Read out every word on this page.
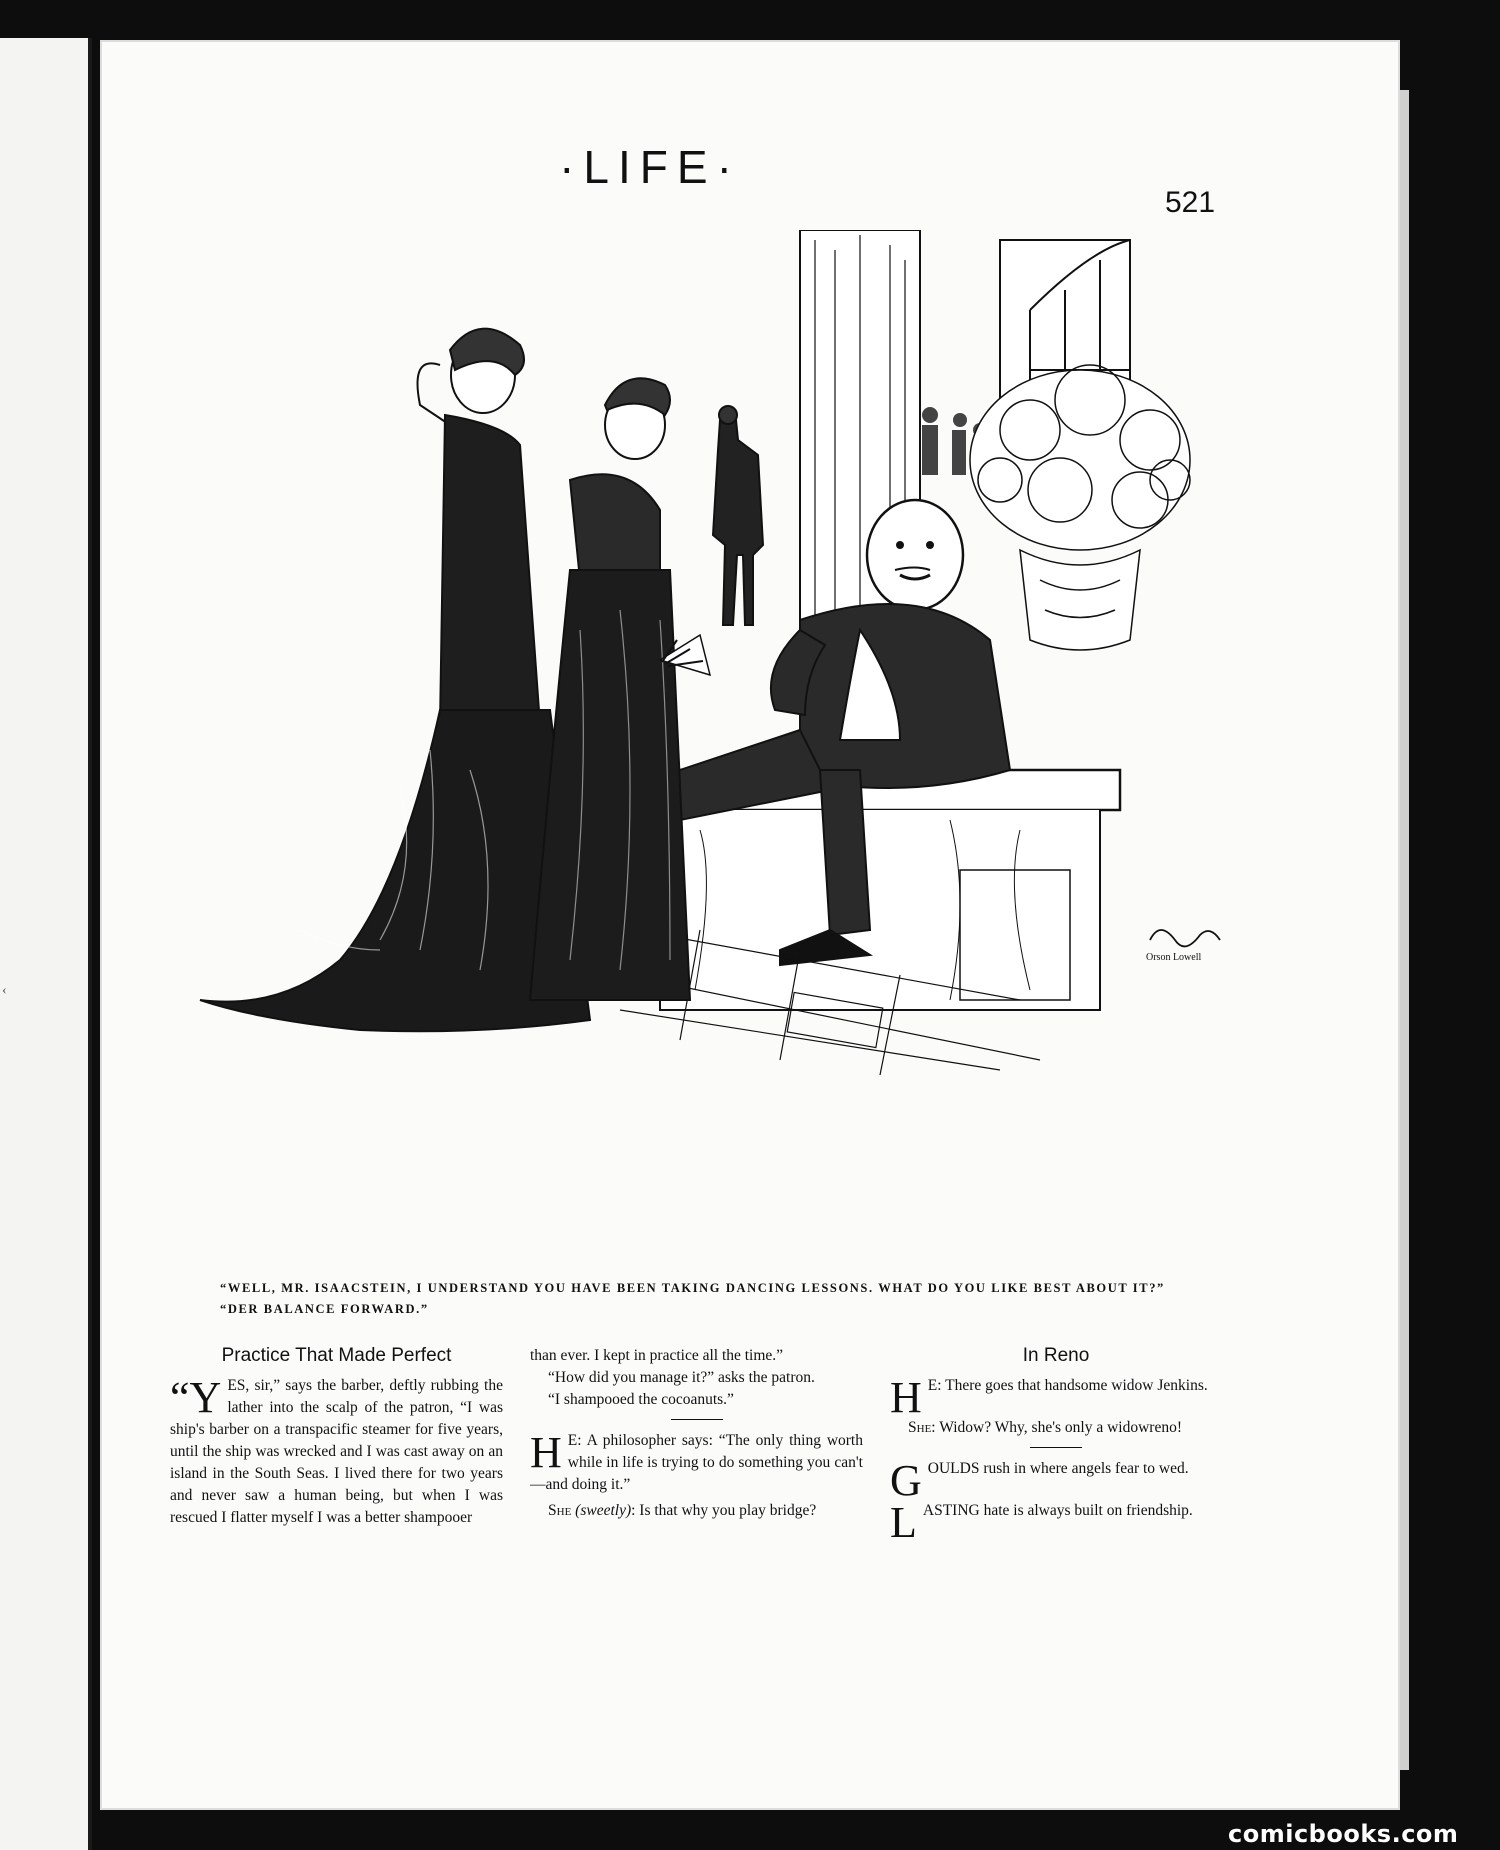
‹
·LIFE·
521
Orson Lowell
“WELL, MR. ISAACSTEIN, I UNDERSTAND YOU HAVE BEEN TAKING DANCING LESSONS. WHAT DO YOU LIKE BEST ABOUT IT?”
“DER BALANCE FORWARD.”
Practice That Made Perfect

“YES, sir,” says the barber, deftly rubbing the lather into the scalp of the patron, “I was ship's barber on a transpacific steamer for five years, until the ship was wrecked and I was cast away on an island in the South Seas. I lived there for two years and never saw a human being, but when I was rescued I flatter myself I was a better shampooer

than ever. I kept in practice all the time.”

“How did you manage it?” asks the patron.

“I shampooed the cocoanuts.”

H E: A philosopher says: “The only thing worth while in life is trying to do something you can't—and doing it.”

She (sweetly): Is that why you play bridge?

In Reno

H E: There goes that handsome widow Jenkins.

She: Widow? Why, she's only a widowreno!

GOULDS rush in where angels fear to wed.

LASTING hate is always built on friendship.

comicbooks.com
